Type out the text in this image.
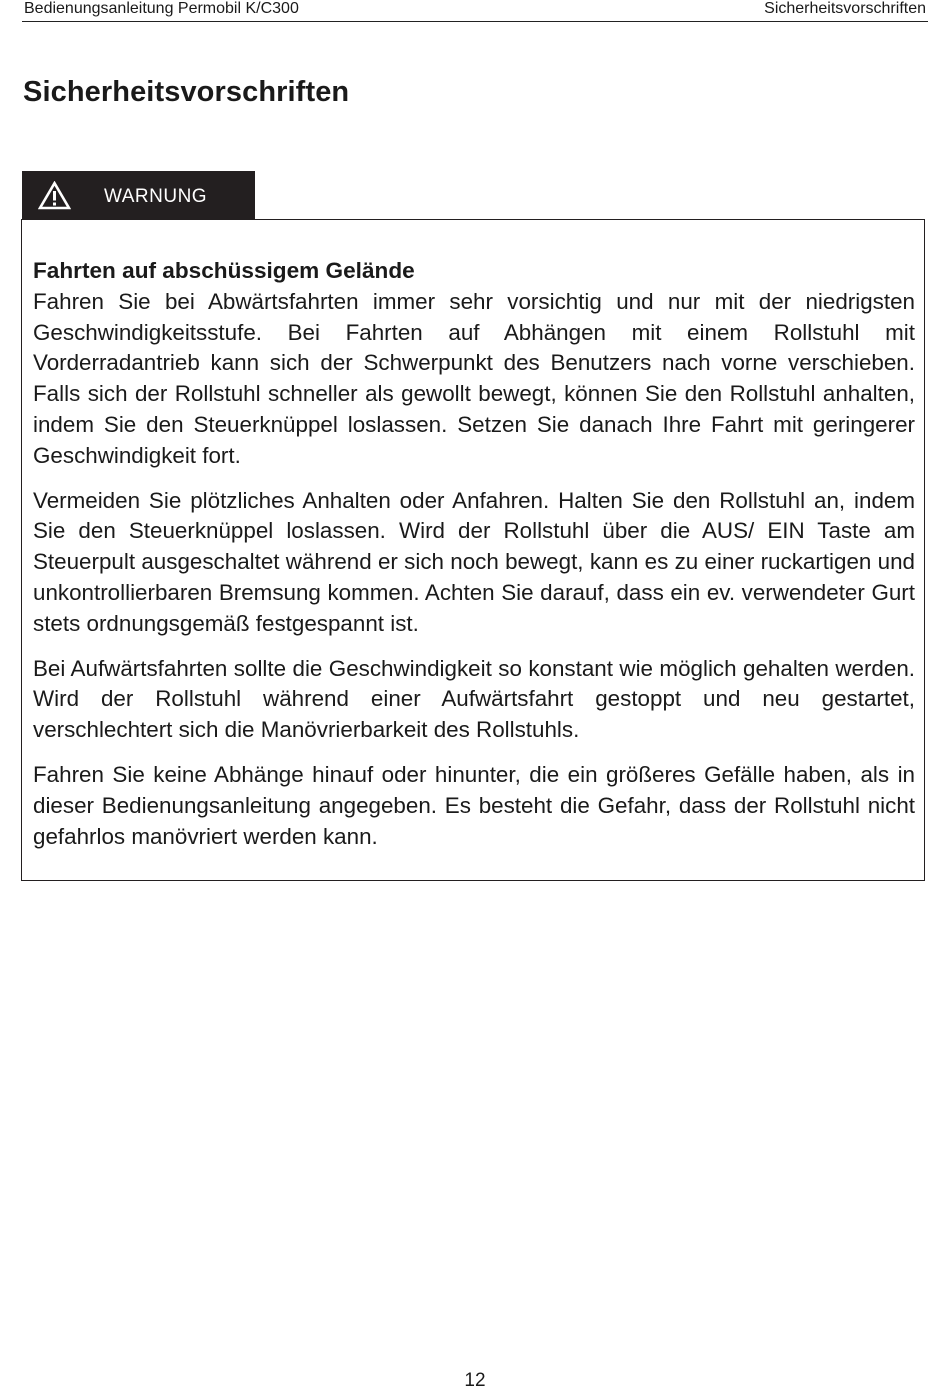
Bedienungsanleitung Permobil K/C300	Sicherheitsvorschriften
Sicherheitsvorschriften
WARNUNG
Fahrten auf abschüssigem Gelände

Fahren Sie bei Abwärtsfahrten immer sehr vorsichtig und nur mit der niedrigsten Geschwindigkeitsstufe. Bei Fahrten auf Abhängen mit einem Rollstuhl mit Vorderradantrieb kann sich der Schwerpunkt des Benutzers nach vorne verschieben. Falls sich der Rollstuhl schneller als gewollt bewegt, können Sie den Rollstuhl anhalten, indem Sie den Steuerknüppel loslassen. Setzen Sie danach Ihre Fahrt mit geringerer Geschwindigkeit fort.

Vermeiden Sie plötzliches Anhalten oder Anfahren. Halten Sie den Rollstuhl an, indem Sie den Steuerknüppel loslassen. Wird der Rollstuhl über die AUS/ EIN Taste am Steuerpult ausgeschaltet während er sich noch bewegt, kann es zu einer ruckartigen und unkontrollierbaren Bremsung kommen. Achten Sie darauf, dass ein ev. verwendeter Gurt stets ordnungsgemäß festgespannt ist.

Bei Aufwärtsfahrten sollte die Geschwindigkeit so konstant wie möglich gehalten werden. Wird der Rollstuhl während einer Aufwärtsfahrt gestoppt und neu gestartet, verschlechtert sich die Manövrierbarkeit des Rollstuhls.

Fahren Sie keine Abhänge hinauf oder hinunter, die ein größeres Gefälle haben, als in dieser Bedienungsanleitung angegeben. Es besteht die Gefahr, dass der Rollstuhl nicht gefahrlos manövriert werden kann.

12
